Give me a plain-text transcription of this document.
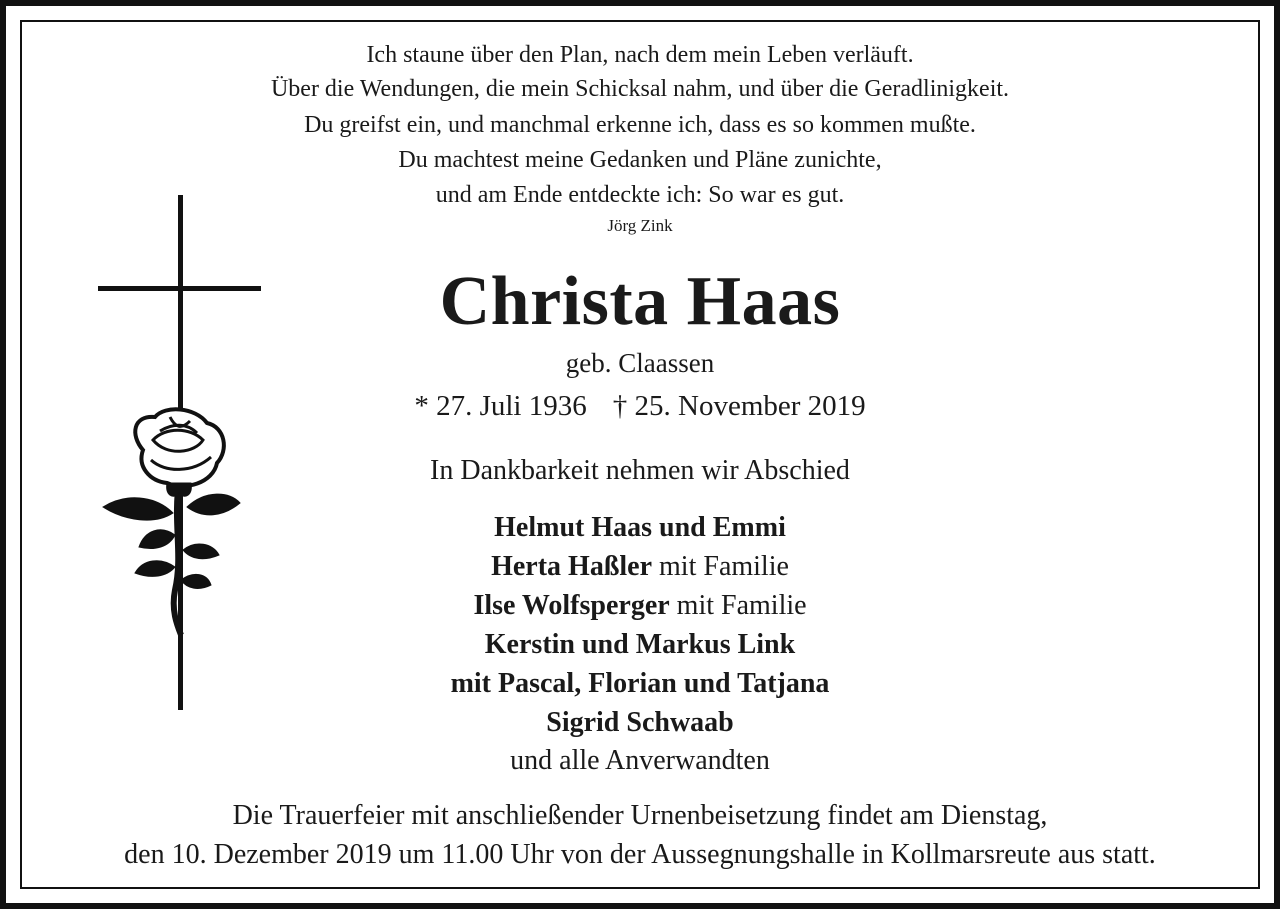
Ich staune über den Plan, nach dem mein Leben verläuft.
Über die Wendungen, die mein Schicksal nahm, und über die Geradlinigkeit.
Du greifst ein, und manchmal erkenne ich, dass es so kommen mußte.
Du machtest meine Gedanken und Pläne zunichte,
und am Ende entdeckte ich: So war es gut.
Jörg Zink
Christa Haas
geb. Claassen
* 27. Juli 1936 † 25. November 2019
In Dankbarkeit nehmen wir Abschied
Helmut Haas und Emmi
Herta Haßler mit Familie
Ilse Wolfsperger mit Familie
Kerstin und Markus Link
mit Pascal, Florian und Tatjana
Sigrid Schwaab
und alle Anverwandten
Die Trauerfeier mit anschließender Urnenbeisetzung findet am Dienstag,
den 10. Dezember 2019 um 11.00 Uhr von der Aussegnungshalle in Kollmarsreute aus statt.
